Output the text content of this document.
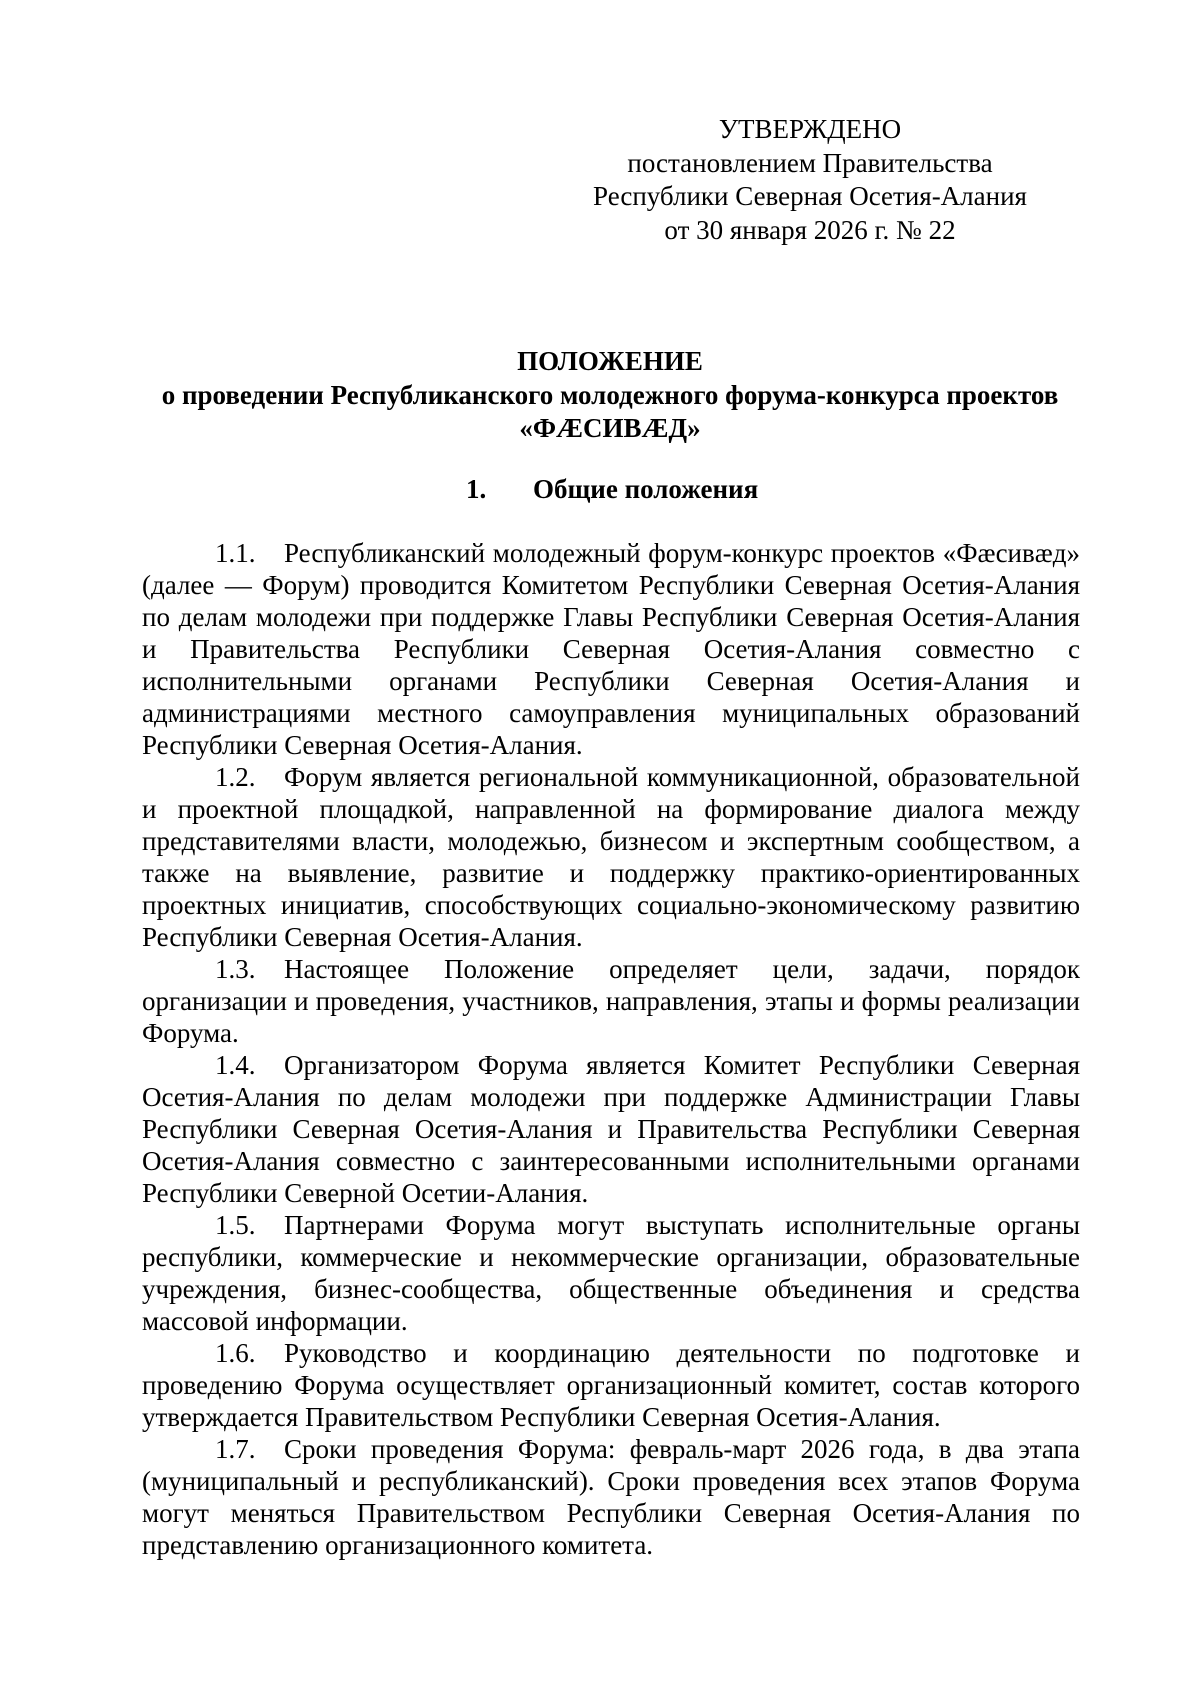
УТВЕРЖДЕНО
постановлением Правительства
Республики Северная Осетия-Алания
от 30 января 2026 г. № 22
ПОЛОЖЕНИЕ
о проведении Республиканского молодежного форума-конкурса проектов
«ФÆСИВÆД»
1. Общие положения

1.1. Республиканский молодежный форум-конкурс проектов «Фæсивæд» (далее — Форум) проводится Комитетом Республики Северная Осетия-Алания по делам молодежи при поддержке Главы Республики Северная Осетия-Алания и Правительства Республики Северная Осетия-Алания совместно с исполнительными органами Республики Северная Осетия-Алания и администрациями местного самоуправления муниципальных образований Республики Северная Осетия-Алания.

1.2. Форум является региональной коммуникационной, образовательной и проектной площадкой, направленной на формирование диалога между представителями власти, молодежью, бизнесом и экспертным сообществом, а также на выявление, развитие и поддержку практико-ориентированных проектных инициатив, способствующих социально-экономическому развитию Республики Северная Осетия-Алания.

1.3. Настоящее Положение определяет цели, задачи, порядок организации и проведения, участников, направления, этапы и формы реализации Форума.

1.4. Организатором Форума является Комитет Республики Северная Осетия-Алания по делам молодежи при поддержке Администрации Главы Республики Северная Осетия-Алания и Правительства Республики Северная Осетия-Алания совместно с заинтересованными исполнительными органами Республики Северной Осетии-Алания.

1.5. Партнерами Форума могут выступать исполнительные органы республики, коммерческие и некоммерческие организации, образовательные учреждения, бизнес-сообщества, общественные объединения и средства массовой информации.

1.6. Руководство и координацию деятельности по подготовке и проведению Форума осуществляет организационный комитет, состав которого утверждается Правительством Республики Северная Осетия-Алания.

1.7. Сроки проведения Форума: февраль-март 2026 года, в два этапа (муниципальный и республиканский). Сроки проведения всех этапов Форума могут меняться Правительством Республики Северная Осетия-Алания по представлению организационного комитета.
